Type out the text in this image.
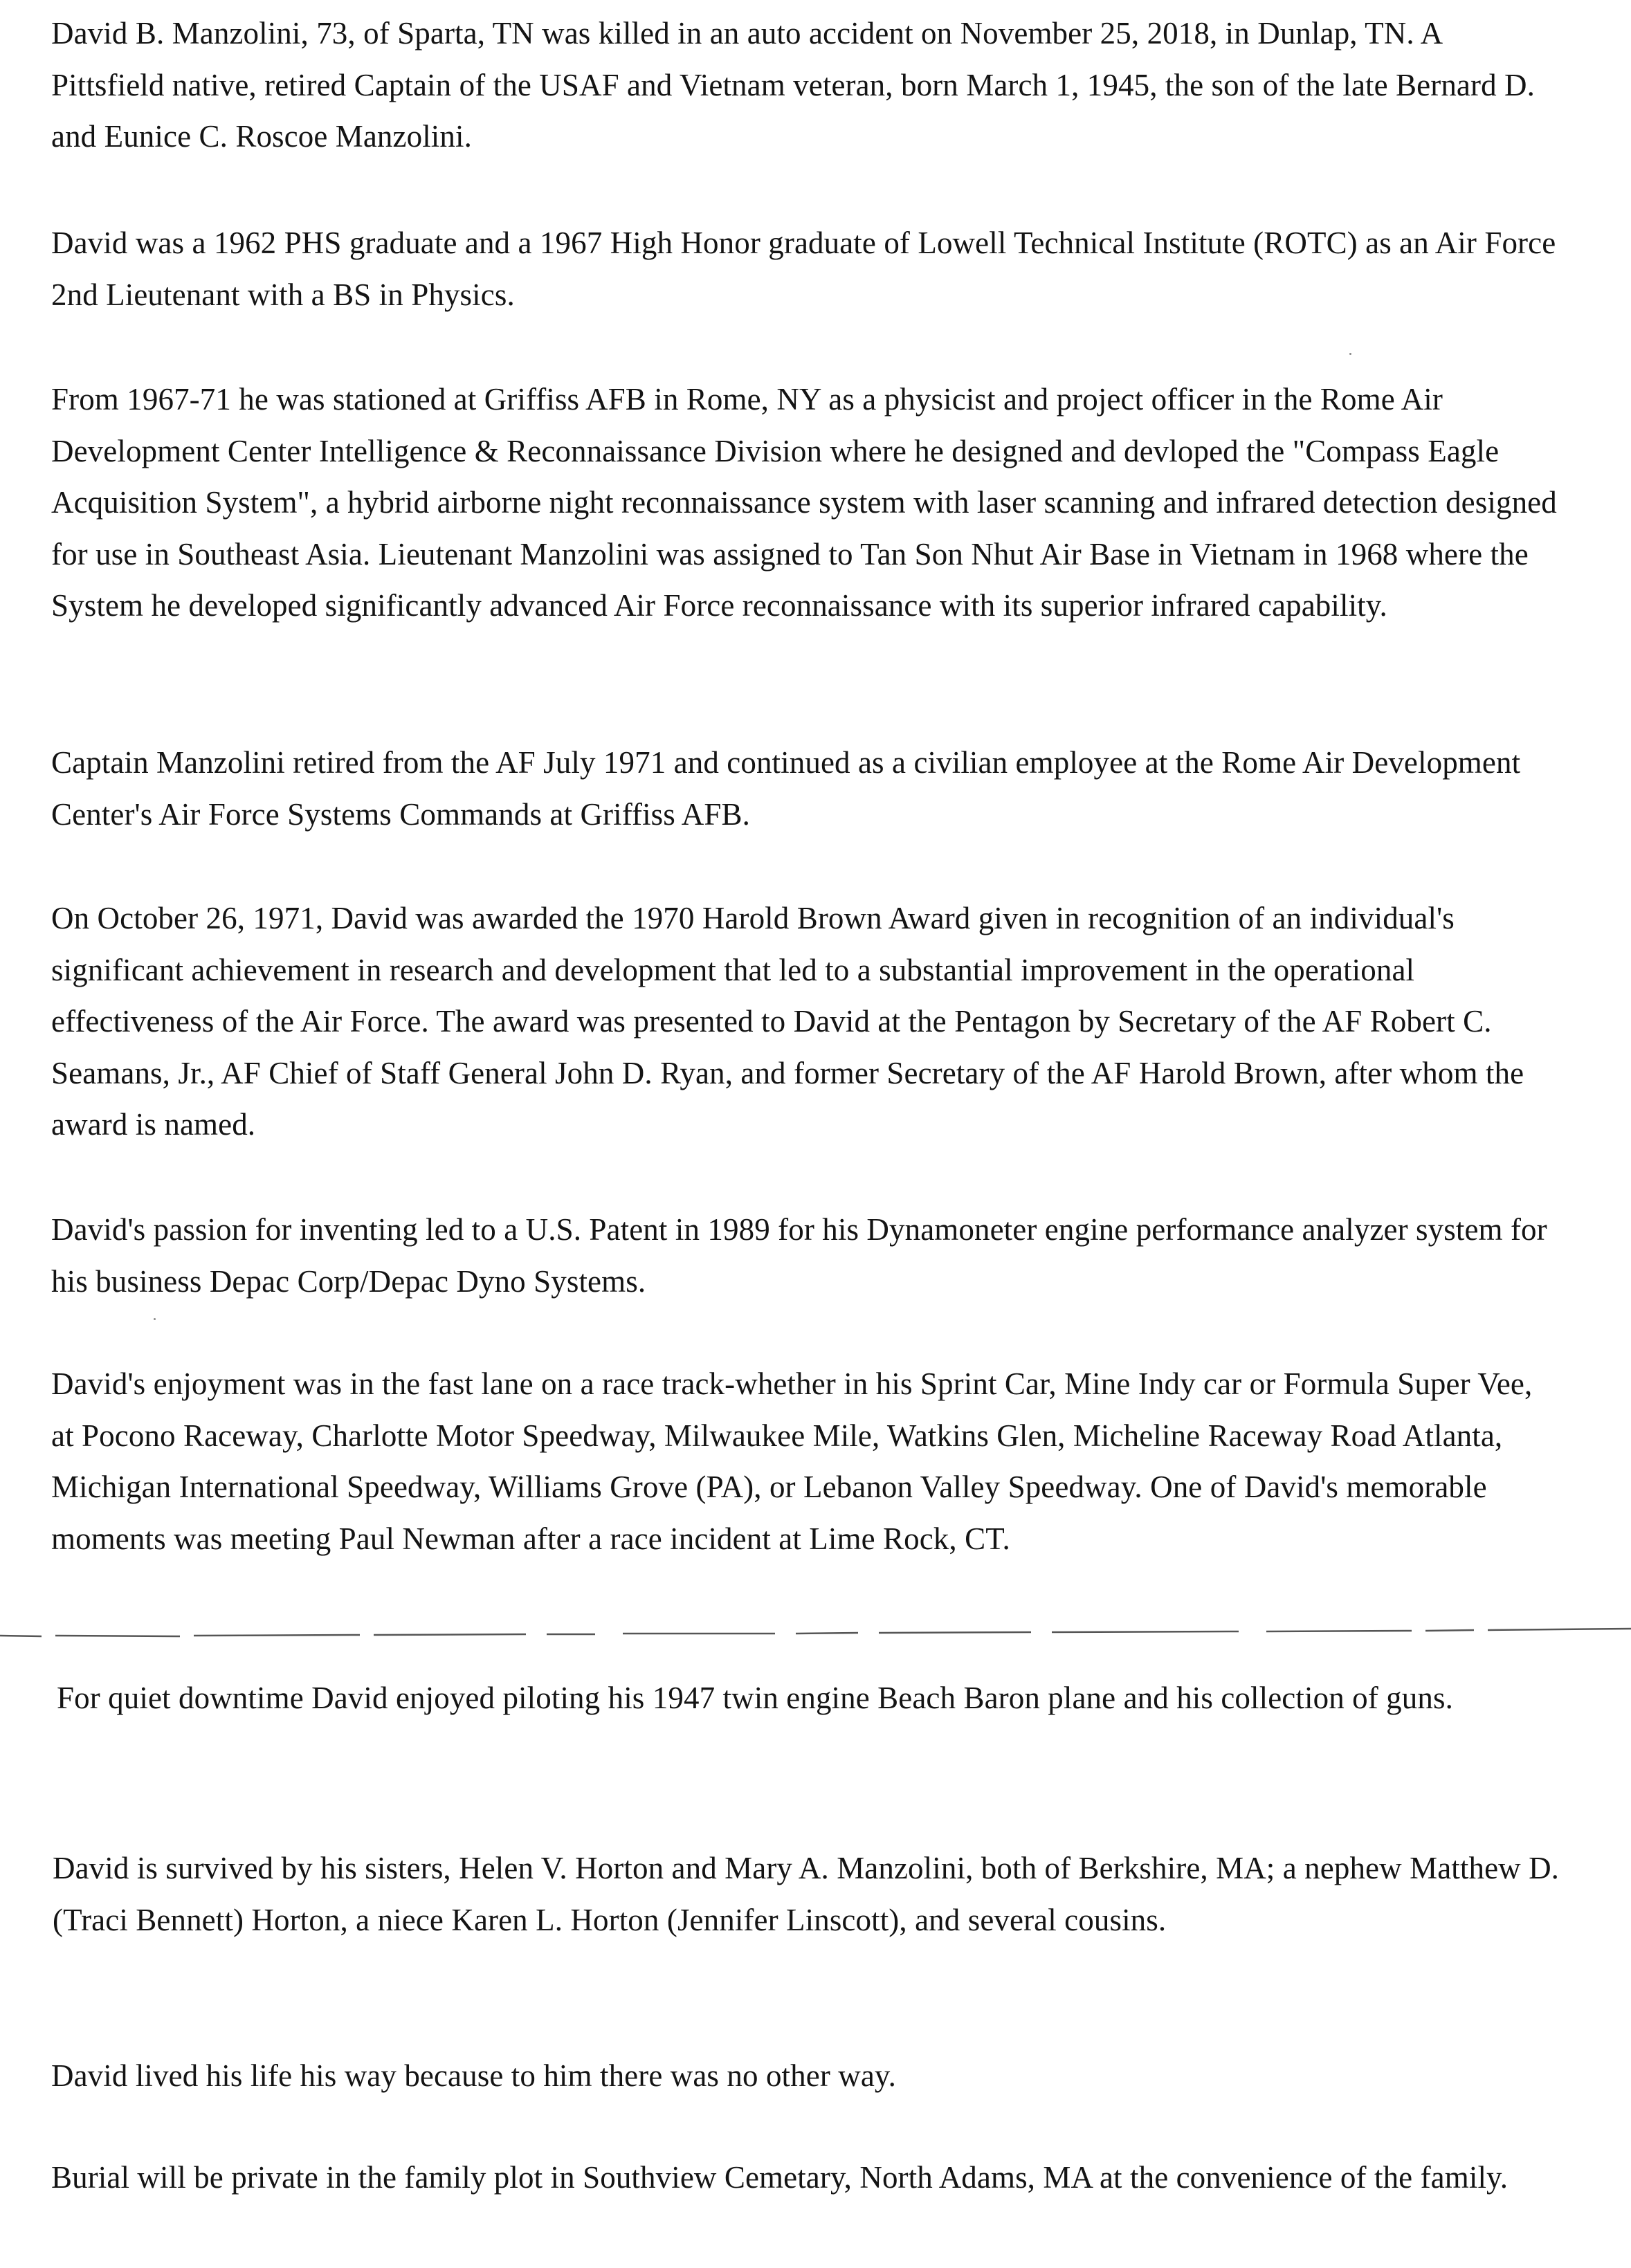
David B. Manzolini, 73, of Sparta, TN was killed in an auto accident on November 25, 2018, in Dunlap, TN. A Pittsfield native, retired Captain of the USAF and Vietnam veteran, born March 1, 1945, the son of the late Bernard D. and Eunice C. Roscoe Manzolini.

David was a 1962 PHS graduate and a 1967 High Honor graduate of Lowell Technical Institute (ROTC) as an Air Force 2nd Lieutenant with a BS in Physics.

From 1967-71 he was stationed at Griffiss AFB in Rome, NY as a physicist and project officer in the Rome Air Development Center Intelligence & Reconnaissance Division where he designed and devloped the "Compass Eagle Acquisition System", a hybrid airborne night reconnaissance system with laser scanning and infrared detection designed for use in Southeast Asia. Lieutenant Manzolini was assigned to Tan Son Nhut Air Base in Vietnam in 1968 where the System he developed significantly advanced Air Force reconnaissance with its superior infrared capability.

Captain Manzolini retired from the AF July 1971 and continued as a civilian employee at the Rome Air Development Center's Air Force Systems Commands at Griffiss AFB.

On October 26, 1971, David was awarded the 1970 Harold Brown Award given in recognition of an individual's significant achievement in research and development that led to a substantial improvement in the operational effectiveness of the Air Force. The award was presented to David at the Pentagon by Secretary of the AF Robert C. Seamans, Jr., AF Chief of Staff General John D. Ryan, and former Secretary of the AF Harold Brown, after whom the award is named.

David's passion for inventing led to a U.S. Patent in 1989 for his Dynamoneter engine performance analyzer system for his business Depac Corp/Depac Dyno Systems.

David's enjoyment was in the fast lane on a race track-whether in his Sprint Car, Mine Indy car or Formula Super Vee, at Pocono Raceway, Charlotte Motor Speedway, Milwaukee Mile, Watkins Glen, Micheline Raceway Road Atlanta, Michigan International Speedway, Williams Grove (PA), or Lebanon Valley Speedway. One of David's memorable moments was meeting Paul Newman after a race incident at Lime Rock, CT.

For quiet downtime David enjoyed piloting his 1947 twin engine Beach Baron plane and his collection of guns.

David is survived by his sisters, Helen V. Horton and Mary A. Manzolini, both of Berkshire, MA; a nephew Matthew D. (Traci Bennett) Horton, a niece Karen L. Horton (Jennifer Linscott), and several cousins.

David lived his life his way because to him there was no other way.

Burial will be private in the family plot in Southview Cemetary, North Adams, MA at the convenience of the family.
